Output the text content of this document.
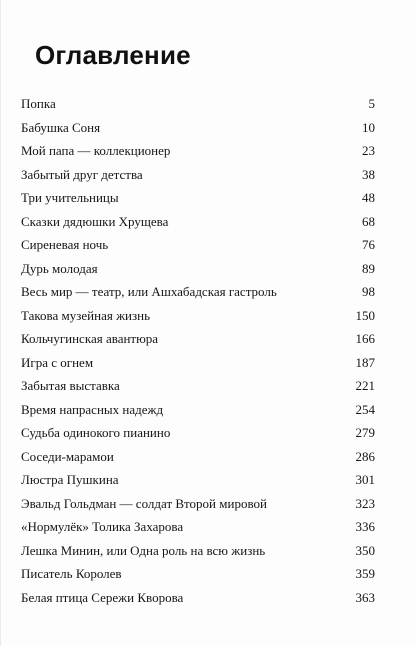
Оглавление
Попка	5
Бабушка Соня	10
Мой папа — коллекционер	23
Забытый друг детства	38
Три учительницы	48
Сказки дядюшки Хрущева	68
Сиреневая ночь	76
Дурь молодая	89
Весь мир — театр, или Ашхабадская гастроль	98
Такова музейная жизнь	150
Кольчугинская авантюра	166
Игра с огнем	187
Забытая выставка	221
Время напрасных надежд	254
Судьба одинокого пианино	279
Соседи-марамои	286
Люстра Пушкина	301
Эвальд Гольдман — солдат Второй мировой	323
«Нормулёк» Толика Захарова	336
Лешка Минин, или Одна роль на всю жизнь	350
Писатель Королев	359
Белая птица Сережи Кворова	363
